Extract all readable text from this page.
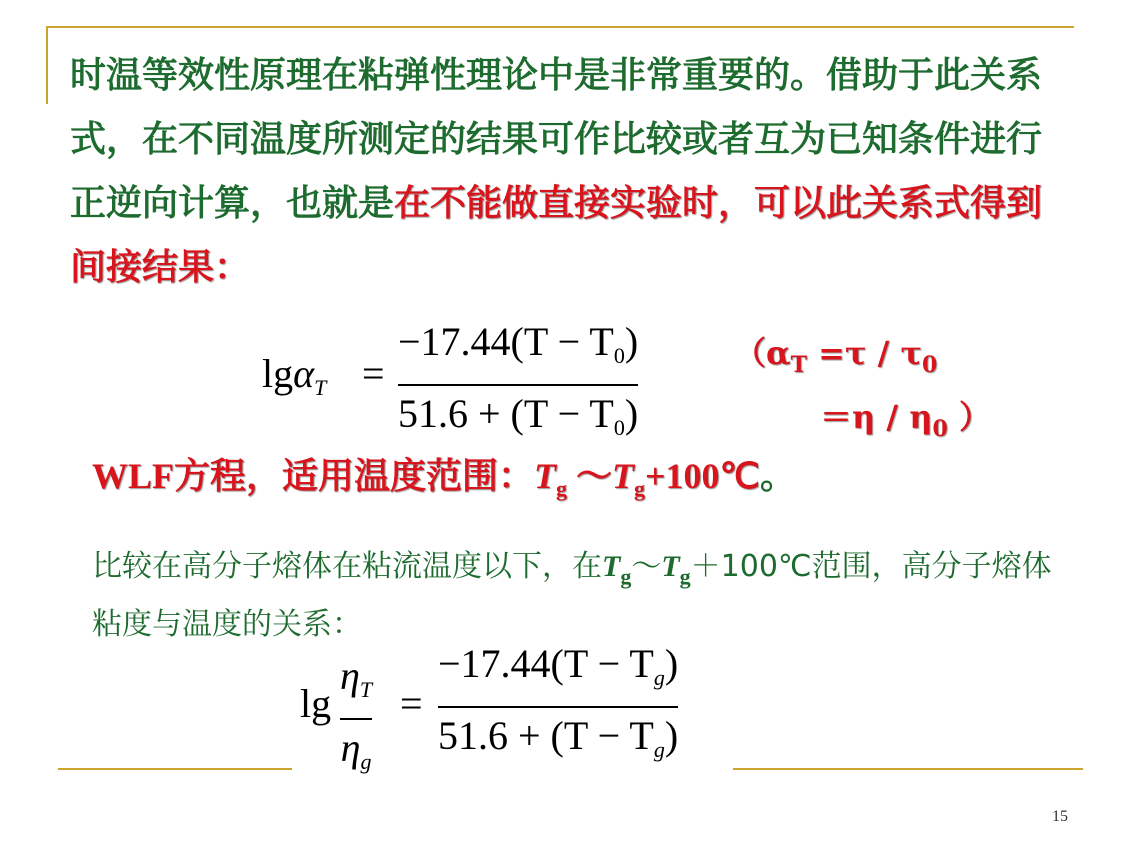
时温等效性原理在粘弹性理论中是非常重要的。借助于此关系式，在不同温度所测定的结果可作比较或者互为已知条件进行正逆向计算，也就是在不能做直接实验时，可以此关系式得到间接结果：
lgα$_T$ =
$-17.44(T - T_0)$
$51.6 + (T - T_0)$
（$\alpha_T =\tau / \tau_0$
$=\eta / \eta_0$ ）
WLF方程，适用温度范围：$T_g$ $\sim T_g+100℃$。
比较在高分子熔体在粘流温度以下，在$T_g\sim T_g+100℃$范围，高分子熔体粘度与温度的关系：
lg
$\eta_T$
$\eta_g$
=
$-17.44(T - T_g)$
$51.6 + (T - T_g)$
15
